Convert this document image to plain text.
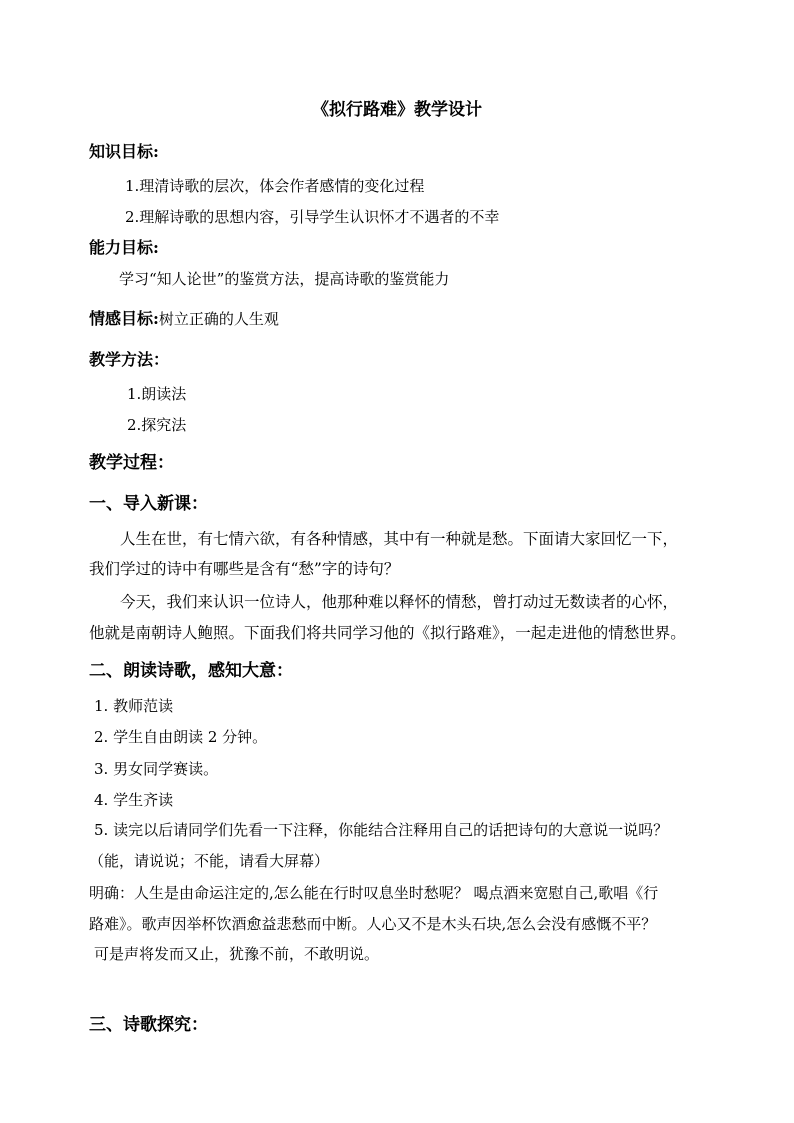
《拟行路难》教学设计
知识目标:
1.理清诗歌的层次，体会作者感情的变化过程
2.理解诗歌的思想内容，引导学生认识怀才不遇者的不幸
能力目标:
学习“知人论世”的鉴赏方法，提高诗歌的鉴赏能力
情感目标:树立正确的人生观
教学方法：
1.朗读法
2.探究法
教学过程：
一、导入新课：
人生在世，有七情六欲，有各种情感，其中有一种就是愁。下面请大家回忆一下，
我们学过的诗中有哪些是含有“愁”字的诗句？
今天，我们来认识一位诗人，他那种难以释怀的情愁，曾打动过无数读者的心怀，
他就是南朝诗人鲍照。下面我们将共同学习他的《拟行路难》，一起走进他的情愁世界。
二、朗读诗歌，感知大意：
1. 教师范读
2. 学生自由朗读 2 分钟。
3. 男女同学赛读。
4. 学生齐读
5. 读完以后请同学们先看一下注释，你能结合注释用自己的话把诗句的大意说一说吗？
（能，请说说；不能，请看大屏幕）
明确：人生是由命运注定的,怎么能在行时叹息坐时愁呢？ 喝点酒来宽慰自己,歌唱《行
路难》。歌声因举杯饮酒愈益悲愁而中断。人心又不是木头石块,怎么会没有感慨不平？
可是声将发而又止，犹豫不前，不敢明说。
三、诗歌探究：
